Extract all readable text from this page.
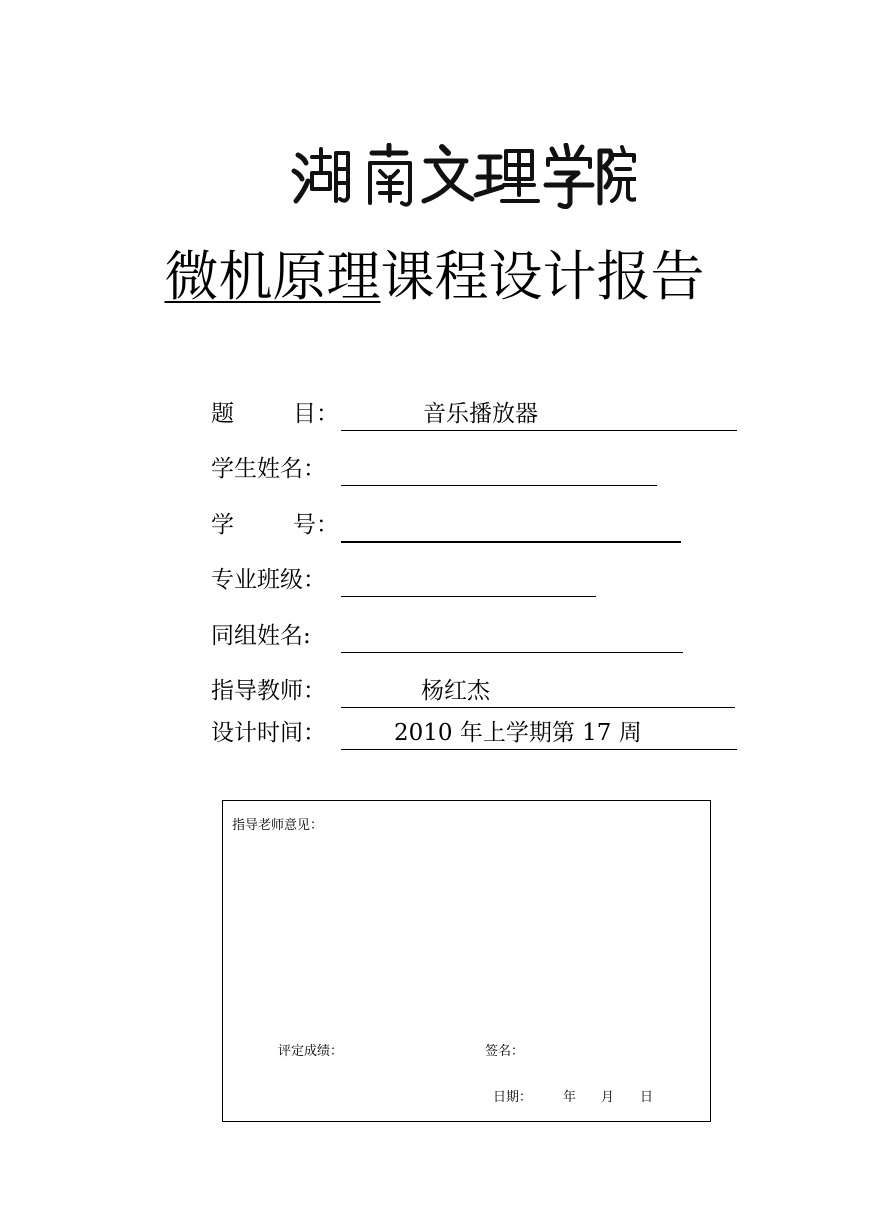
微机原理课程设计报告
题	目：	音乐播放器
学生姓名：
学	号：
专业班级：
同组姓名:
指导教师：	杨红杰
设计时间：	2010 年上学期第 17 周
指导老师意见：
评定成绩：	签名：
日期： 年 月 日
